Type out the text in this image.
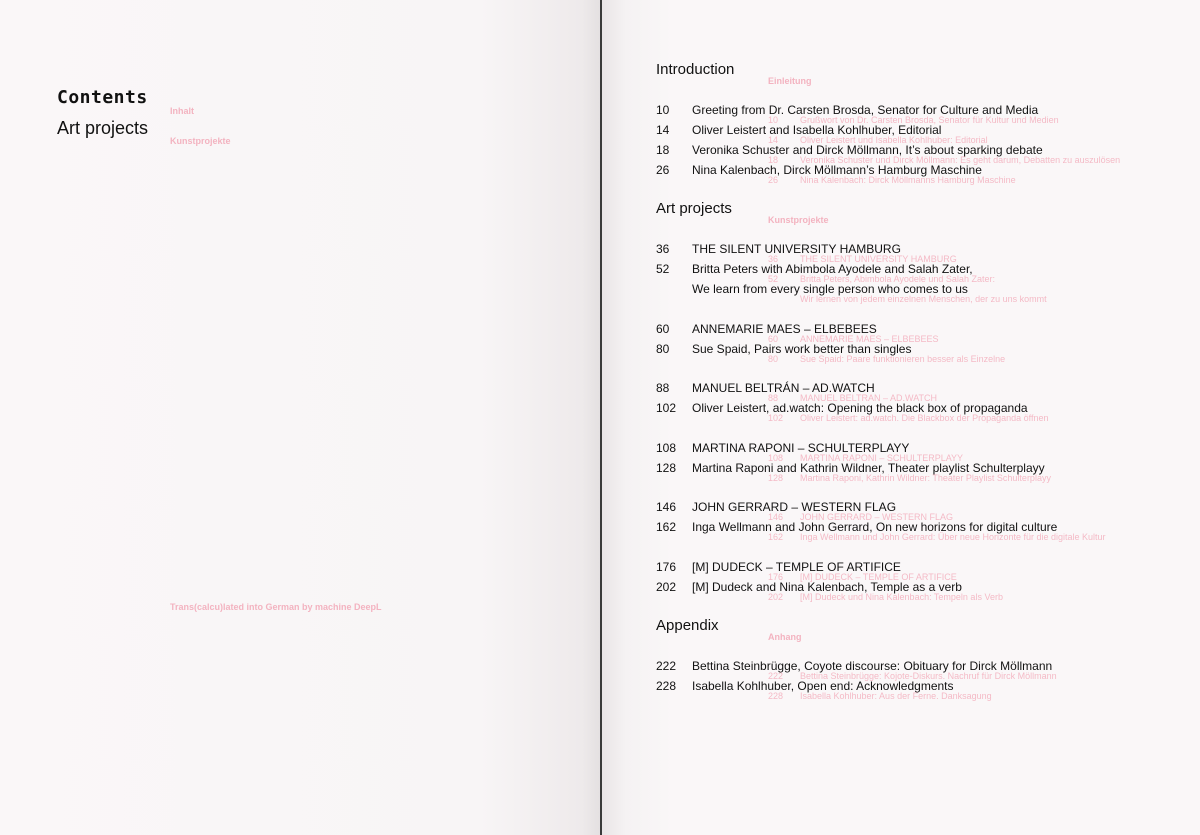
Contents
Inhalt
Art projects
Kunstprojekte
Trans(calcu)lated into German by machine DeepL
Introduction
Einleitung
10 Greeting from Dr. Carsten Brosda, Senator for Culture and Media
10 Grußwort von Dr. Carsten Brosda, Senator für Kultur und Medien
14 Oliver Leistert and Isabella Kohlhuber, Editorial
14 Oliver Leistert und Isabella Kohlhuber: Editorial
18 Veronika Schuster and Dirck Möllmann, It’s about sparking debate
18 Veronika Schuster und Dirck Möllmann: Es geht darum, Debatten zu auszulösen
26 Nina Kalenbach, Dirck Möllmann’s Hamburg Maschine
26 Nina Kalenbach: Dirck Möllmanns Hamburg Maschine
Art projects
Kunstprojekte
36 THE SILENT UNIVERSITY HAMBURG
36 THE SILENT UNIVERSITY HAMBURG
52 Britta Peters with Abimbola Ayodele and Salah Zater,
We learn from every single person who comes to us
52 Britta Peters, Abimbola Ayodele und Salah Zater:
Wir lernen von jedem einzelnen Menschen, der zu uns kommt
60 ANNEMARIE MAES – ELBEBEES
60 ANNEMARIE MAES – ELBEBEES
80 Sue Spaid, Pairs work better than singles
80 Sue Spaid: Paare funktionieren besser als Einzelne
88 MANUEL BELTRÁN – AD.WATCH
88 MANUEL BELTRAN – AD.WATCH
102 Oliver Leistert, ad.watch: Opening the black box of propaganda
102 Oliver Leistert: ad.watch. Die Blackbox der Propaganda öffnen
108 MARTINA RAPONI – SCHULTERPLAYY
108 MARTINA RAPONI – SCHULTERPLAYY
128 Martina Raponi and Kathrin Wildner, Theater playlist Schulterplayy
128 Martina Raponi, Kathrin Wildner: Theater Playlist Schulterplayy
146 JOHN GERRARD – WESTERN FLAG
146 JOHN GERRARD – WESTERN FLAG
162 Inga Wellmann and John Gerrard, On new horizons for digital culture
162 Inga Wellmann und John Gerrard: Über neue Horizonte für die digitale Kultur
176 [M] DUDECK – TEMPLE OF ARTIFICE
176 [M] DUDECK – TEMPLE OF ARTIFICE
202 [M] Dudeck and Nina Kalenbach, Temple as a verb
202 [M] Dudeck und Nina Kalenbach: Tempeln als Verb
Appendix
Anhang
222 Bettina Steinbrügge, Coyote discourse: Obituary for Dirck Möllmann
222 Bettina Steinbrügge: Kojote-Diskurs. Nachruf für Dirck Möllmann
228 Isabella Kohlhuber, Open end: Acknowledgments
228 Isabella Kohlhuber: Aus der Ferne. Danksagung
